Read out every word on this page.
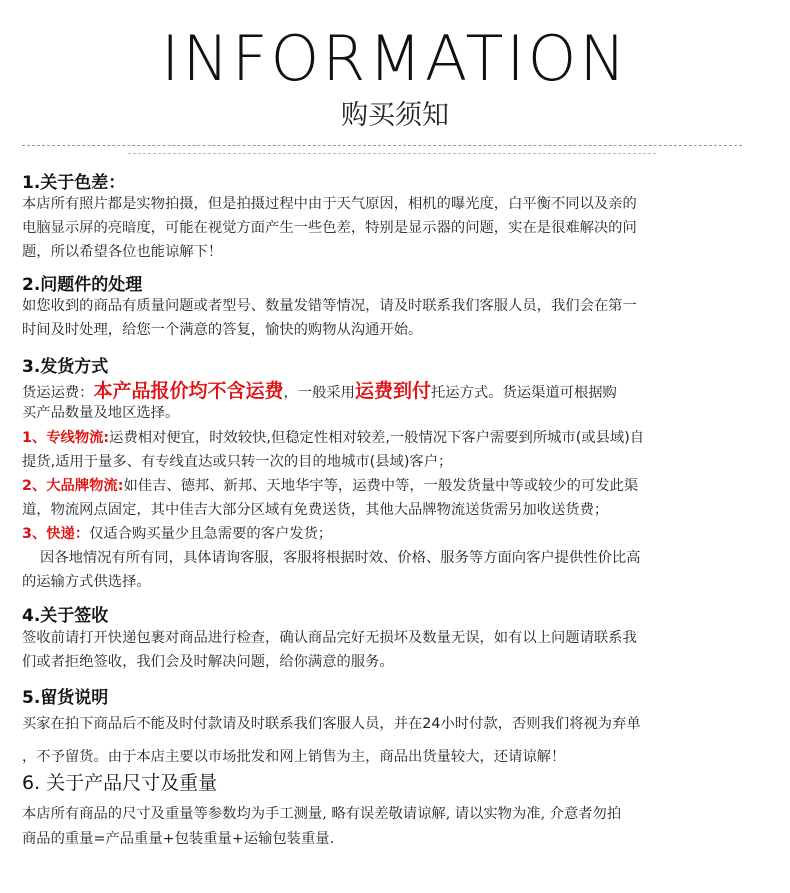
INFORMATION
购买须知
1.关于色差：
本店所有照片都是实物拍摄，但是拍摄过程中由于天气原因，相机的曝光度，白平衡不同以及亲的
电脑显示屏的亮暗度，可能在视觉方面产生一些色差，特别是显示器的问题，实在是很难解决的问
题，所以希望各位也能谅解下！
2.问题件的处理
如您收到的商品有质量问题或者型号、数量发错等情况，请及时联系我们客服人员，我们会在第一
时间及时处理，给您一个满意的答复，愉快的购物从沟通开始。
3.发货方式
货运运费：本产品报价均不含运费，一般采用运费到付托运方式。货运渠道可根据购
买产品数量及地区选择。
1、专线物流:运费相对便宜，时效较快,但稳定性相对较差,一般情况下客户需要到所城市(或县域)自
提货,适用于量多、有专线直达或只转一次的目的地城市(县域)客户；
2、大品牌物流:如佳吉、德邦、新邦、天地华宇等，运费中等，一般发货量中等或较少的可发此渠
道，物流网点固定，其中佳吉大部分区域有免费送货，其他大品牌物流送货需另加收送货费；
3、快递：仅适合购买量少且急需要的客户发货；
因各地情况有所有同，具体请询客服，客服将根据时效、价格、服务等方面向客户提供性价比高
的运输方式供选择。
4.关于签收
签收前请打开快递包裹对商品进行检查，确认商品完好无损坏及数量无误，如有以上问题请联系我
们或者拒绝签收，我们会及时解决问题，给你满意的服务。
5.留货说明
买家在拍下商品后不能及时付款请及时联系我们客服人员，并在24小时付款，否则我们将视为弃单
，不予留货。由于本店主要以市场批发和网上销售为主，商品出货量较大，还请谅解！
6. 关于产品尺寸及重量
本店所有商品的尺寸及重量等参数均为手工测量, 略有误差敬请谅解, 请以实物为准, 介意者勿拍
商品的重量=产品重量+包装重量+运输包装重量.
